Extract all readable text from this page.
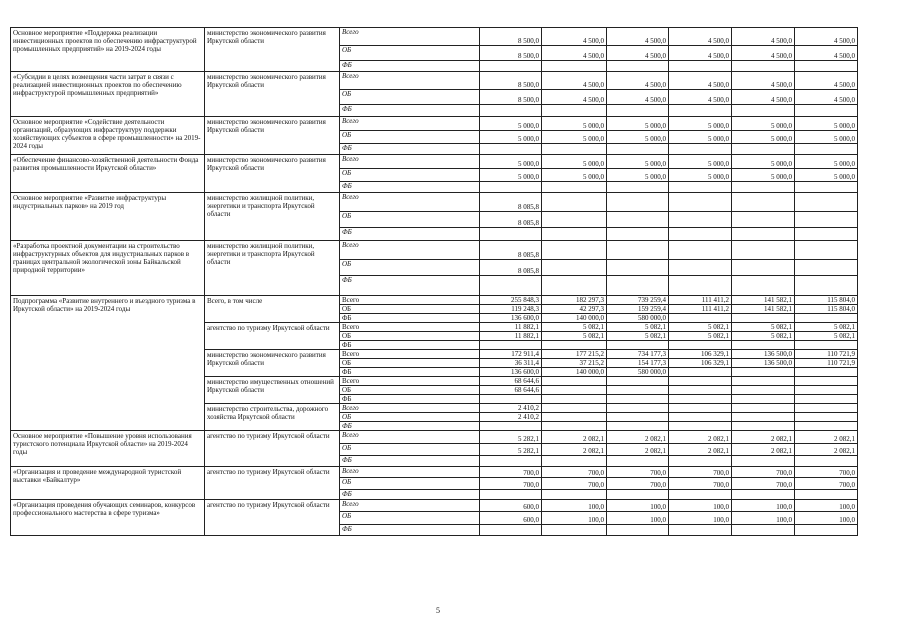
Основное мероприятие «Поддержка реализации инвестиционных проектов по обеспечению инфраструктурой промышленных предприятий» на 2019-2024 годы	министерство экономического развития Иркутской области	Всего	8 500,0	4 500,0	4 500,0	4 500,0	4 500,0	4 500,0
		ОБ	8 500,0	4 500,0	4 500,0	4 500,0	4 500,0	4 500,0
		ФБ						
«Субсидии в целях возмещения части затрат в связи с реализацией инвестиционных проектов по обеспечению инфраструктурой промышленных предприятий»	министерство экономического развития Иркутской области	Всего	8 500,0	4 500,0	4 500,0	4 500,0	4 500,0	4 500,0
		ОБ	8 500,0	4 500,0	4 500,0	4 500,0	4 500,0	4 500,0
		ФБ						
Основное мероприятие «Содействие деятельности организаций, образующих инфраструктуру поддержки хозяйствующих субъектов в сфере промышленности» на 2019-2024 годы	министерство экономического развития Иркутской области	Всего	5 000,0	5 000,0	5 000,0	5 000,0	5 000,0	5 000,0
		ОБ	5 000,0	5 000,0	5 000,0	5 000,0	5 000,0	5 000,0
		ФБ						
«Обеспечение финансово-хозяйственной деятельности Фонда развития промышленности Иркутской области»	министерство экономического развития Иркутской области	Всего	5 000,0	5 000,0	5 000,0	5 000,0	5 000,0	5 000,0
		ОБ	5 000,0	5 000,0	5 000,0	5 000,0	5 000,0	5 000,0
		ФБ						
Основное мероприятие «Развитие инфраструктуры индустриальных парков» на 2019 год	министерство жилищной политики, энергетики и транспорта Иркутской области	Всего	8 085,8					
		ОБ	8 085,8					
		ФБ						
«Разработка проектной документации на строительство инфраструктурных объектов для индустриальных парков в границах центральной экологической зоны Байкальской природной территории»	министерство жилищной политики, энергетики и транспорта Иркутской области	Всего	8 085,8					
		ОБ	8 085,8					
		ФБ						
Подпрограмма «Развитие внутреннего и въездного туризма в Иркутской области» на 2019-2024 годы	Всего, в том числе	Всего	255 848,3	182 297,3	739 259,4	111 411,2	141 582,1	115 804,0
		ОБ	119 248,3	42 297,3	159 259,4	111 411,2	141 582,1	115 804,0
		ФБ	136 600,0	140 000,0	580 000,0			
	агентство по туризму Иркутской области	Всего	11 882,1	5 082,1	5 082,1	5 082,1	5 082,1	5 082,1
		ОБ	11 882,1	5 082,1	5 082,1	5 082,1	5 082,1	5 082,1
		ФБ						
	министерство экономического развития Иркутской области	Всего	172 911,4	177 215,2	734 177,3	106 329,1	136 500,0	110 721,9
		ОБ	36 311,4	37 215,2	154 177,3	106 329,1	136 500,0	110 721,9
		ФБ	136 600,0	140 000,0	580 000,0			
	министерство имущественных отношений Иркутской области	Всего	68 644,6					
		ОБ	68 644,6					
		ФБ						
	министерство строительства, дорожного хозяйства Иркутской области	Всего	2 410,2					
		ОБ	2 410,2					
		ФБ						
Основное мероприятие «Повышение уровня использования туристского потенциала Иркутской области» на 2019-2024 годы	агентство по туризму Иркутской области	Всего	5 282,1	2 082,1	2 082,1	2 082,1	2 082,1	2 082,1
		ОБ	5 282,1	2 082,1	2 082,1	2 082,1	2 082,1	2 082,1
		ФБ						
«Организация и проведение международной туристской выставки «Байкалтур»	агентство по туризму Иркутской области	Всего	700,0	700,0	700,0	700,0	700,0	700,0
		ОБ	700,0	700,0	700,0	700,0	700,0	700,0
		ФБ						
«Организация проведения обучающих семинаров, конкурсов профессионального мастерства в сфере туризма»	агентство по туризму Иркутской области	Всего	600,0	100,0	100,0	100,0	100,0	100,0
		ОБ	600,0	100,0	100,0	100,0	100,0	100,0
		ФБ						
5
